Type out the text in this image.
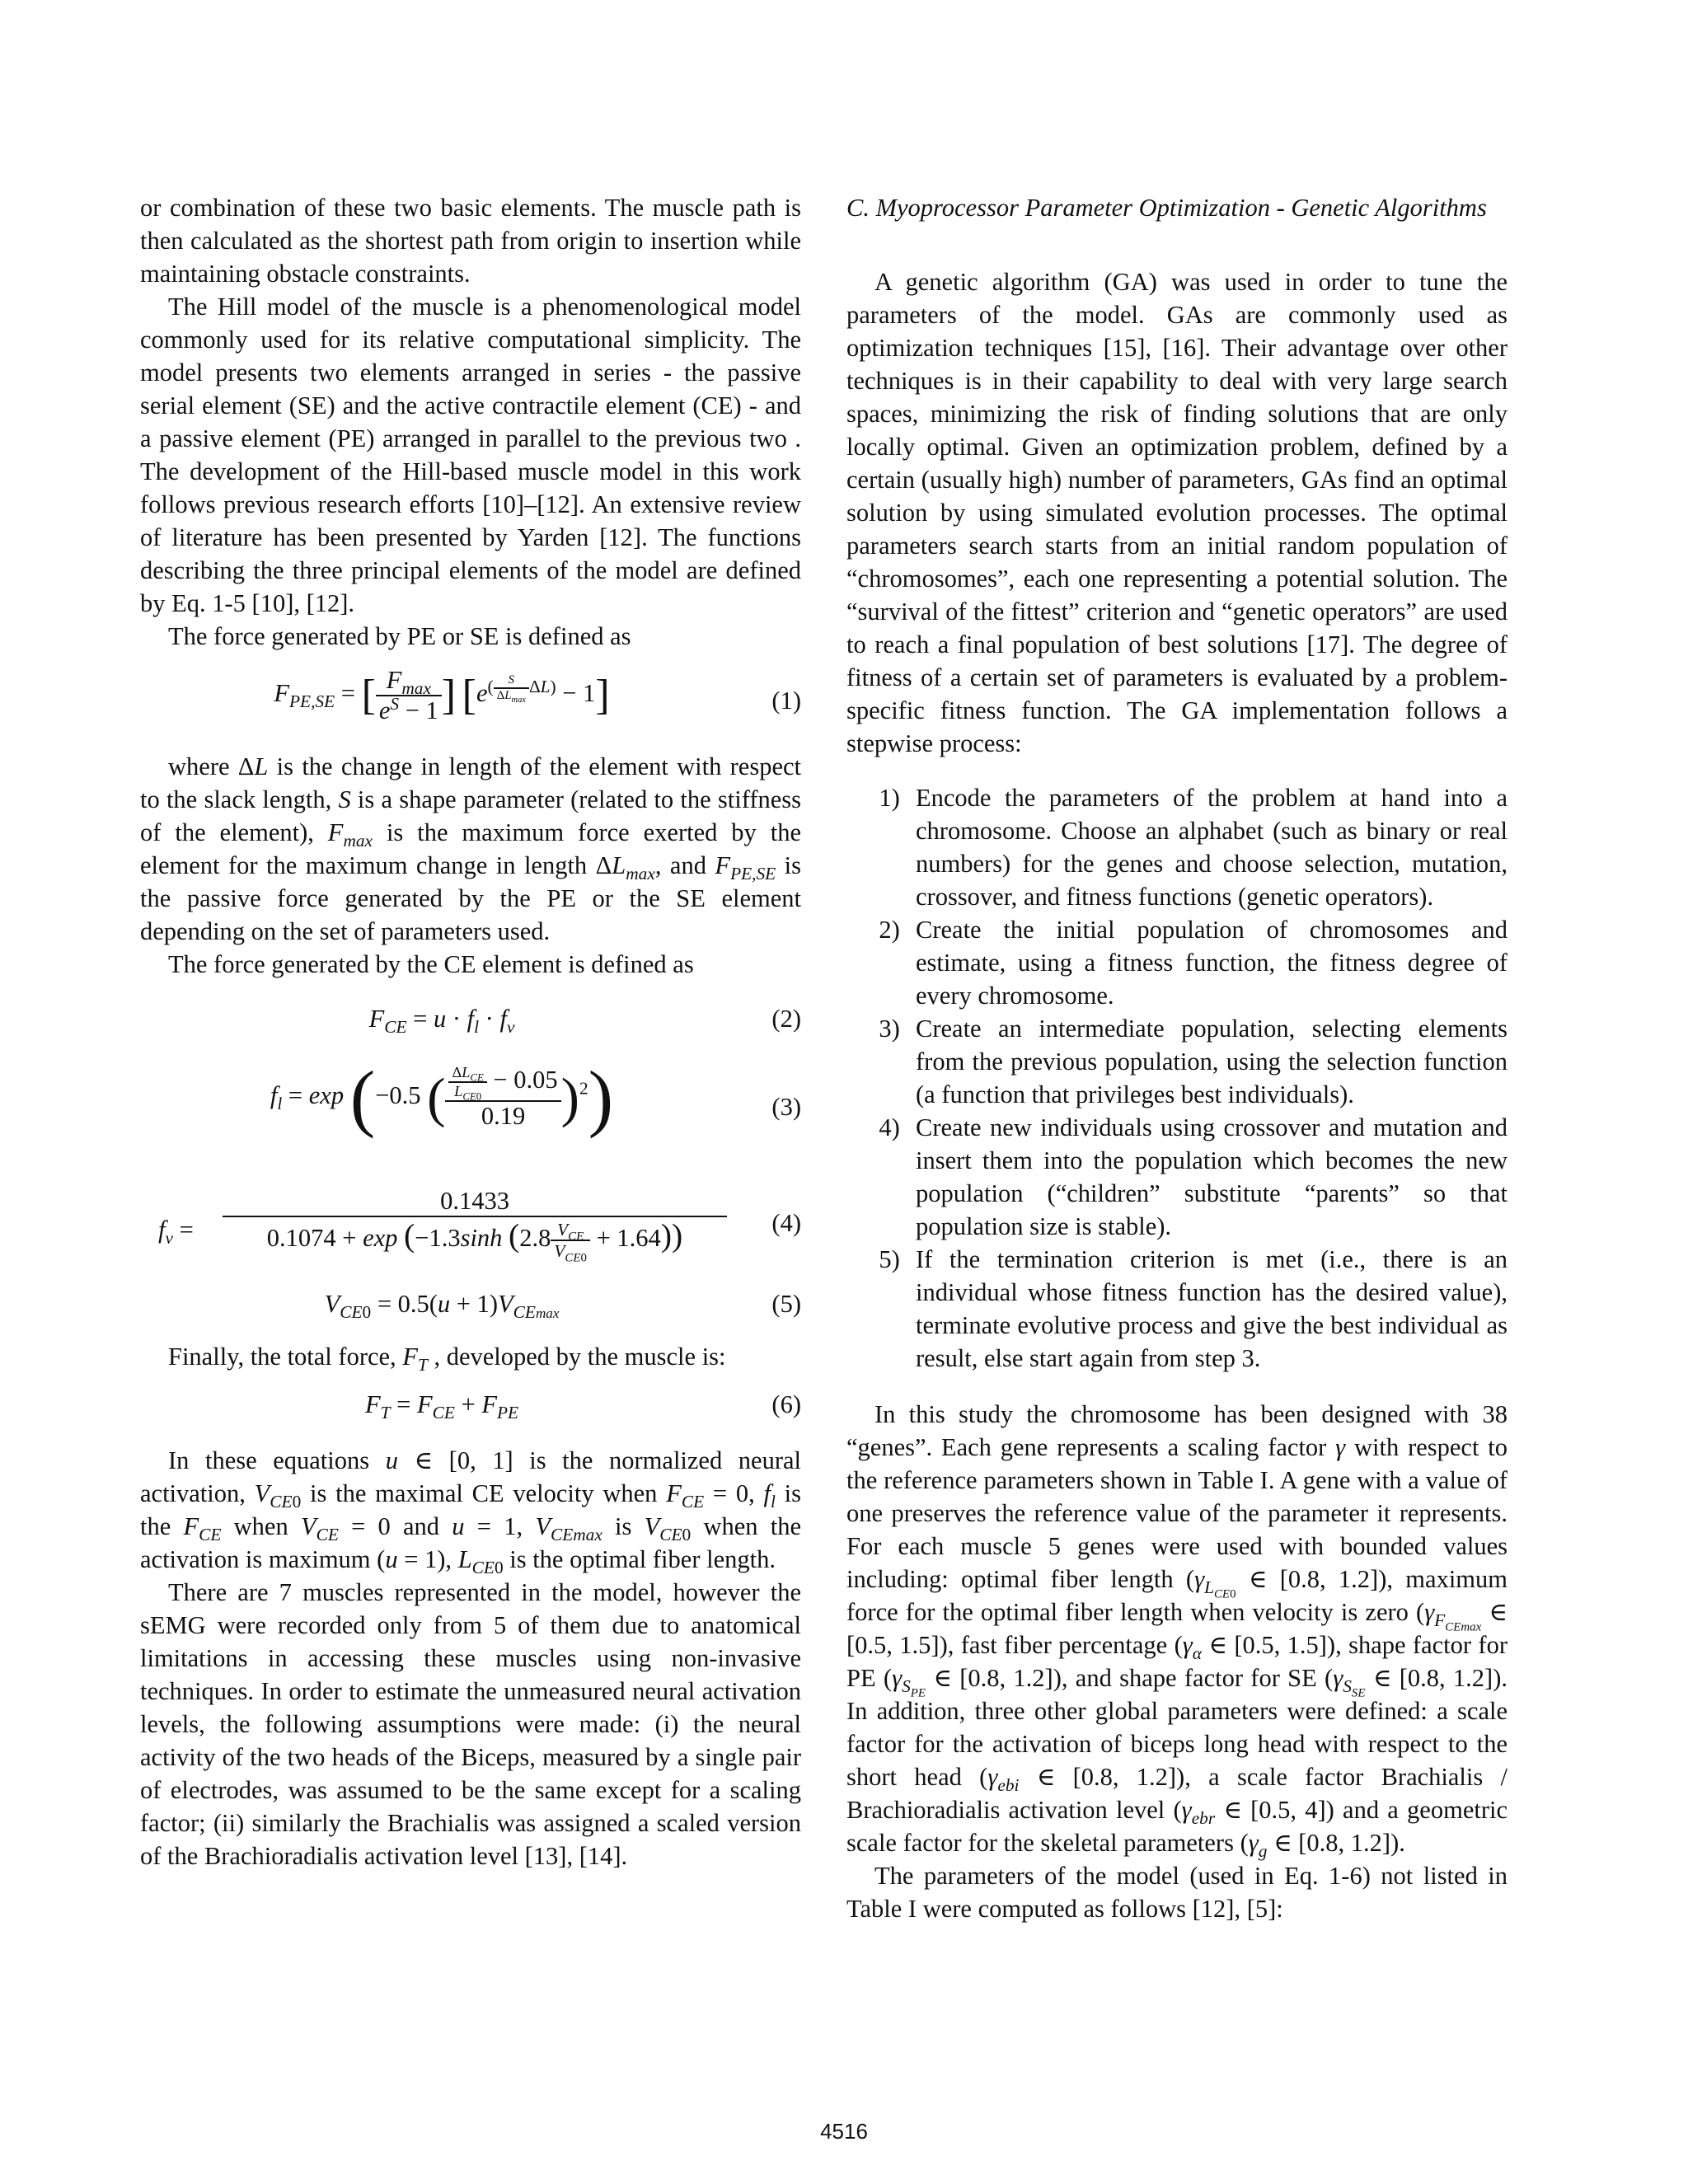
or combination of these two basic elements. The muscle path is then calculated as the shortest path from origin to insertion while maintaining obstacle constraints.

The Hill model of the muscle is a phenomenological model commonly used for its relative computational simplicity. The model presents two elements arranged in series - the passive serial element (SE) and the active contractile element (CE) - and a passive element (PE) arranged in parallel to the previous two . The development of the Hill-based muscle model in this work follows previous research efforts [10]–[12]. An extensive review of literature has been presented by Yarden [12]. The functions describing the three principal elements of the model are defined by Eq. 1-5 [10], [12].

The force generated by PE or SE is defined as

$F_{PE,SE}$ = [ $\frac{F_{max}}{e^S - 1}$ ] $[e^{( \frac{S}{\Delta L_{max}} \Delta L)} - 1]$	(1)

where ΔL is the change in length of the element with respect to the slack length, S is a shape parameter (related to the stiffness of the element), $F_{max}$ is the maximum force exerted by the element for the maximum change in length $\Delta L_{max}$, and $F_{PE,SE}$ is the passive force generated by the PE or the SE element depending on the set of parameters used.

The force generated by the CE element is defined as

$F_{CE} = u \cdot f_l \cdot f_v$	(2)
$f_l = \exp (-0.5$ ( $\frac{\frac{\Delta L_{CE}}{L_{CE0}} - 0.05}{0.19} )^2$)	(3)
$f_v$ =
0.1433
0.1074 + exp (−1.3sinh $(2.8 \frac{V_{CE}}{V_{CE0}} + 1.64)$)	(4)
$V_{CE0} = 0.5(u + 1)V_{CEmax}$	(5)

Finally, the total force, $F_T$ , developed by the muscle is:

$F_T = F_{CE} + F_{PE}$	(6)

In these equations u ∈ [0, 1] is the normalized neural activation, $V_{CE0}$ is the maximal CE velocity when $F_{CE} = 0$, $f_l$ is the $F_{CE}$ when $V_{CE} = 0$ and u = 1, $V_{CEmax}$ is $V_{CE0}$ when the activation is maximum (u = 1), $L_{CE0}$ is the optimal fiber length.

There are 7 muscles represented in the model, however the sEMG were recorded only from 5 of them due to anatomical limitations in accessing these muscles using non-invasive techniques. In order to estimate the unmeasured neural activation levels, the following assumptions were made: (i) the neural activity of the two heads of the Biceps, measured by a single pair of electrodes, was assumed to be the same except for a scaling factor; (ii) similarly the Brachialis was assigned a scaled version of the Brachioradialis activation level [13], [14].

C. Myoprocessor Parameter Optimization - Genetic Algorithms

A genetic algorithm (GA) was used in order to tune the parameters of the model. GAs are commonly used as optimization techniques [15], [16]. Their advantage over other techniques is in their capability to deal with very large search spaces, minimizing the risk of finding solutions that are only locally optimal. Given an optimization problem, defined by a certain (usually high) number of parameters, GAs find an optimal solution by using simulated evolution processes. The optimal parameters search starts from an initial random population of “chromosomes”, each one representing a potential solution. The “survival of the fittest” criterion and “genetic operators” are used to reach a final population of best solutions [17]. The degree of fitness of a certain set of parameters is evaluated by a problem-specific fitness function. The GA implementation follows a stepwise process:

1. Encode the parameters of the problem at hand into a chromosome. Choose an alphabet (such as binary or real numbers) for the genes and choose selection, mutation, crossover, and fitness functions (genetic operators).
2. Create the initial population of chromosomes and estimate, using a fitness function, the fitness degree of every chromosome.
3. Create an intermediate population, selecting elements from the previous population, using the selection function (a function that privileges best individuals).
4. Create new individuals using crossover and mutation and insert them into the population which becomes the new population (“children” substitute “parents” so that population size is stable).
5. If the termination criterion is met (i.e., there is an individual whose fitness function has the desired value), terminate evolutive process and give the best individual as result, else start again from step 3.

In this study the chromosome has been designed with 38 “genes”. Each gene represents a scaling factor γ with respect to the reference parameters shown in Table I. A gene with a value of one preserves the reference value of the parameter it represents. For each muscle 5 genes were used with bounded values including: optimal fiber length ($\gamma_{L_{CE0}}$ ∈ [0.8, 1.2]), maximum force for the optimal fiber length when velocity is zero ($\gamma_{F_{CEmax}}$ ∈ [0.5, 1.5]), fast fiber percentage ($\gamma_\alpha$ ∈ [0.5, 1.5]), shape factor for PE ($\gamma_{S_{PE}}$ ∈ [0.8, 1.2]), and shape factor for SE ($\gamma_{S_{SE}}$ ∈ [0.8, 1.2]). In addition, three other global parameters were defined: a scale factor for the activation of biceps long head with respect to the short head ($\gamma_{ebi}$ ∈ [0.8, 1.2]), a scale factor Brachialis / Brachioradialis activation level ($\gamma_{ebr}$ ∈ [0.5, 4]) and a geometric scale factor for the skeletal parameters ($\gamma_g$ ∈ [0.8, 1.2]).

The parameters of the model (used in Eq. 1-6) not listed in Table I were computed as follows [12], [5]:

4516
